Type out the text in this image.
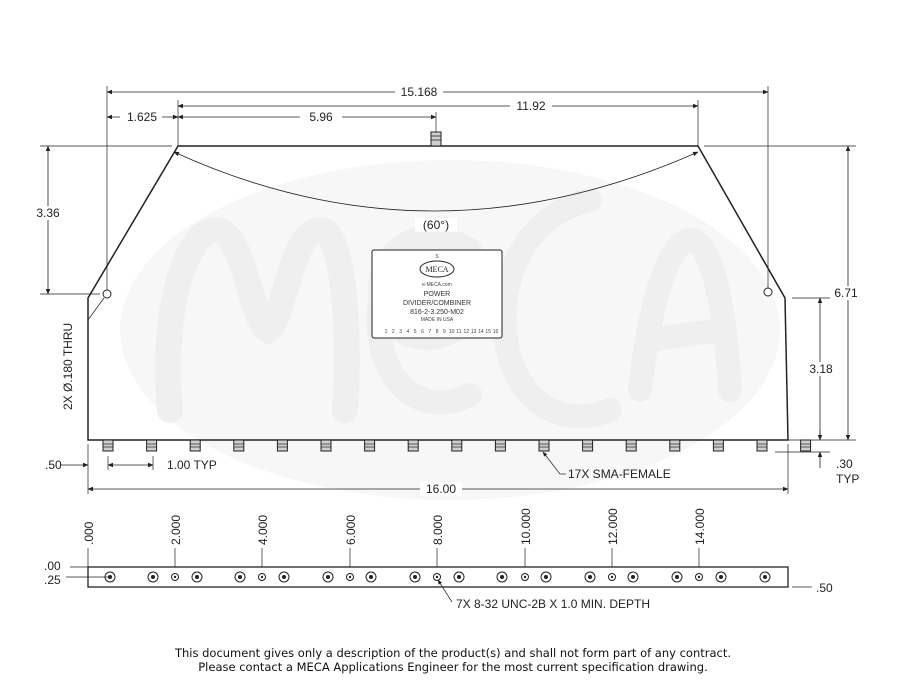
(60°)
S
MECA
e-MECA.com
POWER
DIVIDER/COMBINER
816-2-3.250-M02
MADE IN USA
1 2 3 4 5 6 7 8 9 10 11 12 13 14 15 16
15.168
11.92
1.625	5.96
3.36
2X Ø.180 THRU
6.71
3.18
.30
TYP
.50	1.00 TYP
17X SMA-FEMALE
16.00
.000	2.000	4.000	6.000	8.000	10.000	12.000	14.000
.00
.25
.50
7X 8-32 UNC-2B X 1.0 MIN. DEPTH
This document gives only a description of the product(s) and shall not form part of any contract.
Please contact a MECA Applications Engineer for the most current specification drawing.
